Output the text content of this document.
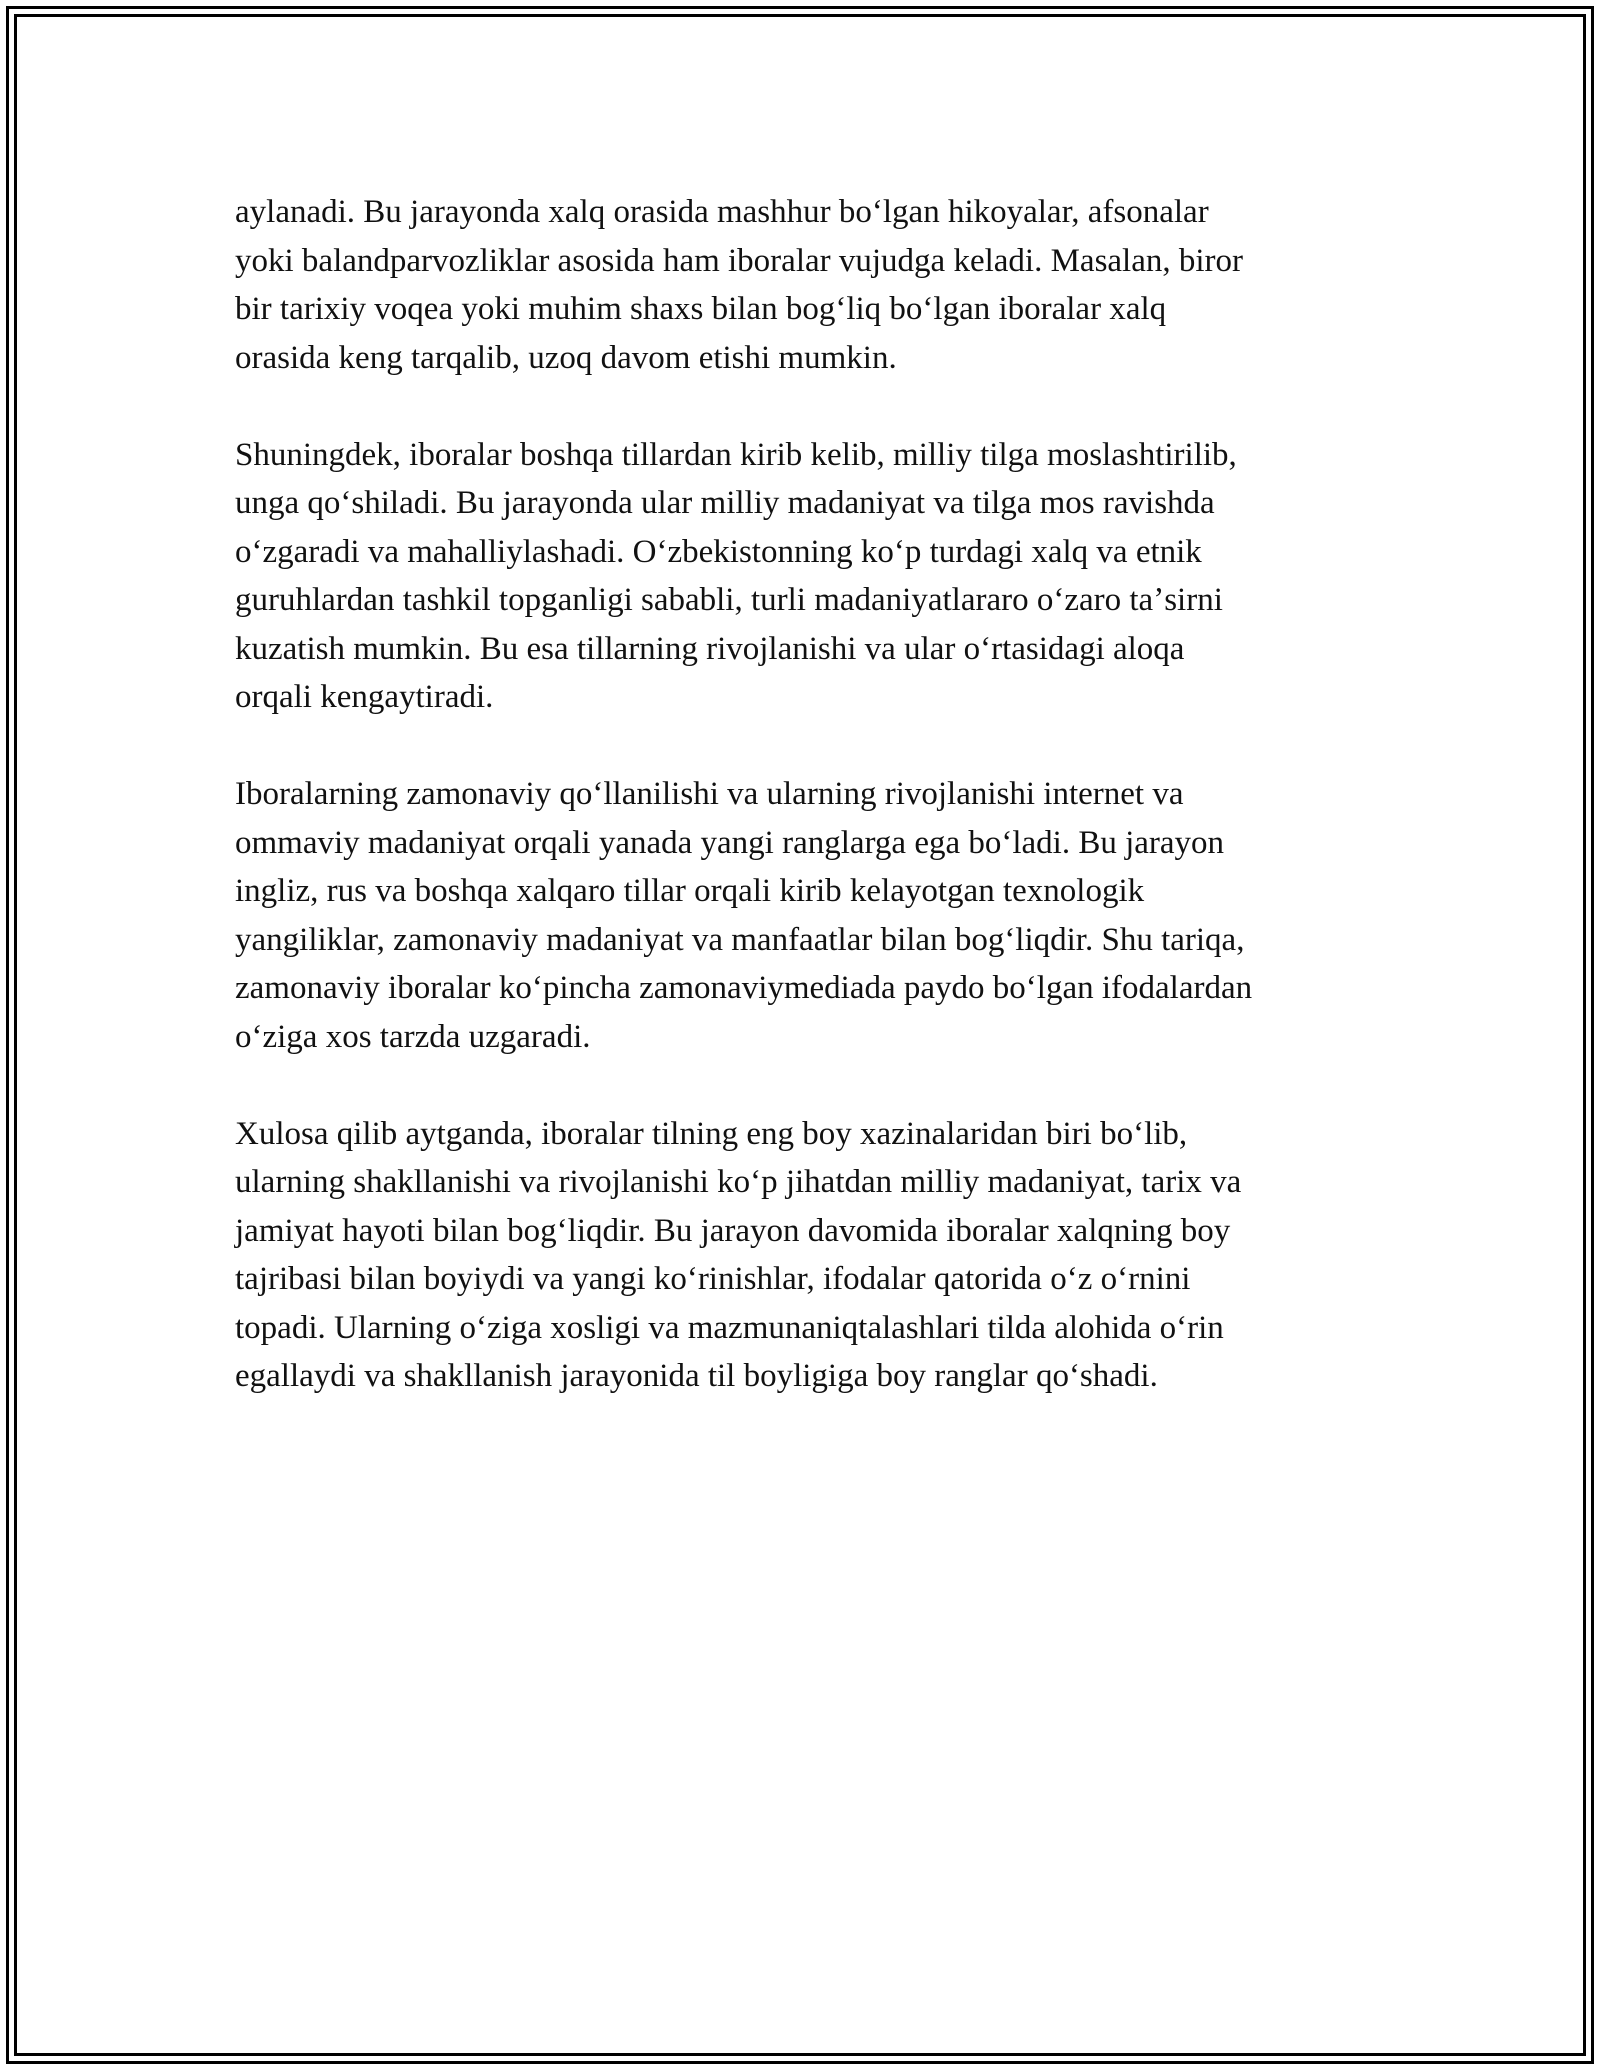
aylanadi. Bu jarayonda xalq orasida mashhur boʻlgan hikoyalar, afsonalar
yoki balandparvozliklar asosida ham iboralar vujudga keladi. Masalan, biror
bir tarixiy voqea yoki muhim shaxs bilan bogʻliq boʻlgan iboralar xalq
orasida keng tarqalib, uzoq davom etishi mumkin.

Shuningdek, iboralar boshqa tillardan kirib kelib, milliy tilga moslashtirilib,
unga qoʻshiladi. Bu jarayonda ular milliy madaniyat va tilga mos ravishda
oʻzgaradi va mahalliylashadi. Oʻzbekistonning koʻp turdagi xalq va etnik
guruhlardan tashkil topganligi sababli, turli madaniyatlararo oʻzaro taʼsirni
kuzatish mumkin. Bu esa tillarning rivojlanishi va ular oʻrtasidagi aloqa
orqali kengaytiradi.

Iboralarning zamonaviy qoʻllanilishi va ularning rivojlanishi internet va
ommaviy madaniyat orqali yanada yangi ranglarga ega boʻladi. Bu jarayon
ingliz, rus va boshqa xalqaro tillar orqali kirib kelayotgan texnologik
yangiliklar, zamonaviy madaniyat va manfaatlar bilan bogʻliqdir. Shu tariqa,
zamonaviy iboralar koʻpincha zamonaviymediada paydo boʻlgan ifodalardan
oʻziga xos tarzda uzgaradi.

Xulosa qilib aytganda, iboralar tilning eng boy xazinalaridan biri boʻlib,
ularning shakllanishi va rivojlanishi koʻp jihatdan milliy madaniyat, tarix va
jamiyat hayoti bilan bogʻliqdir. Bu jarayon davomida iboralar xalqning boy
tajribasi bilan boyiydi va yangi koʻrinishlar, ifodalar qatorida oʻz oʻrnini
topadi. Ularning oʻziga xosligi va mazmunaniqtalashlari tilda alohida oʻrin
egallaydi va shakllanish jarayonida til boyligiga boy ranglar qoʻshadi.
